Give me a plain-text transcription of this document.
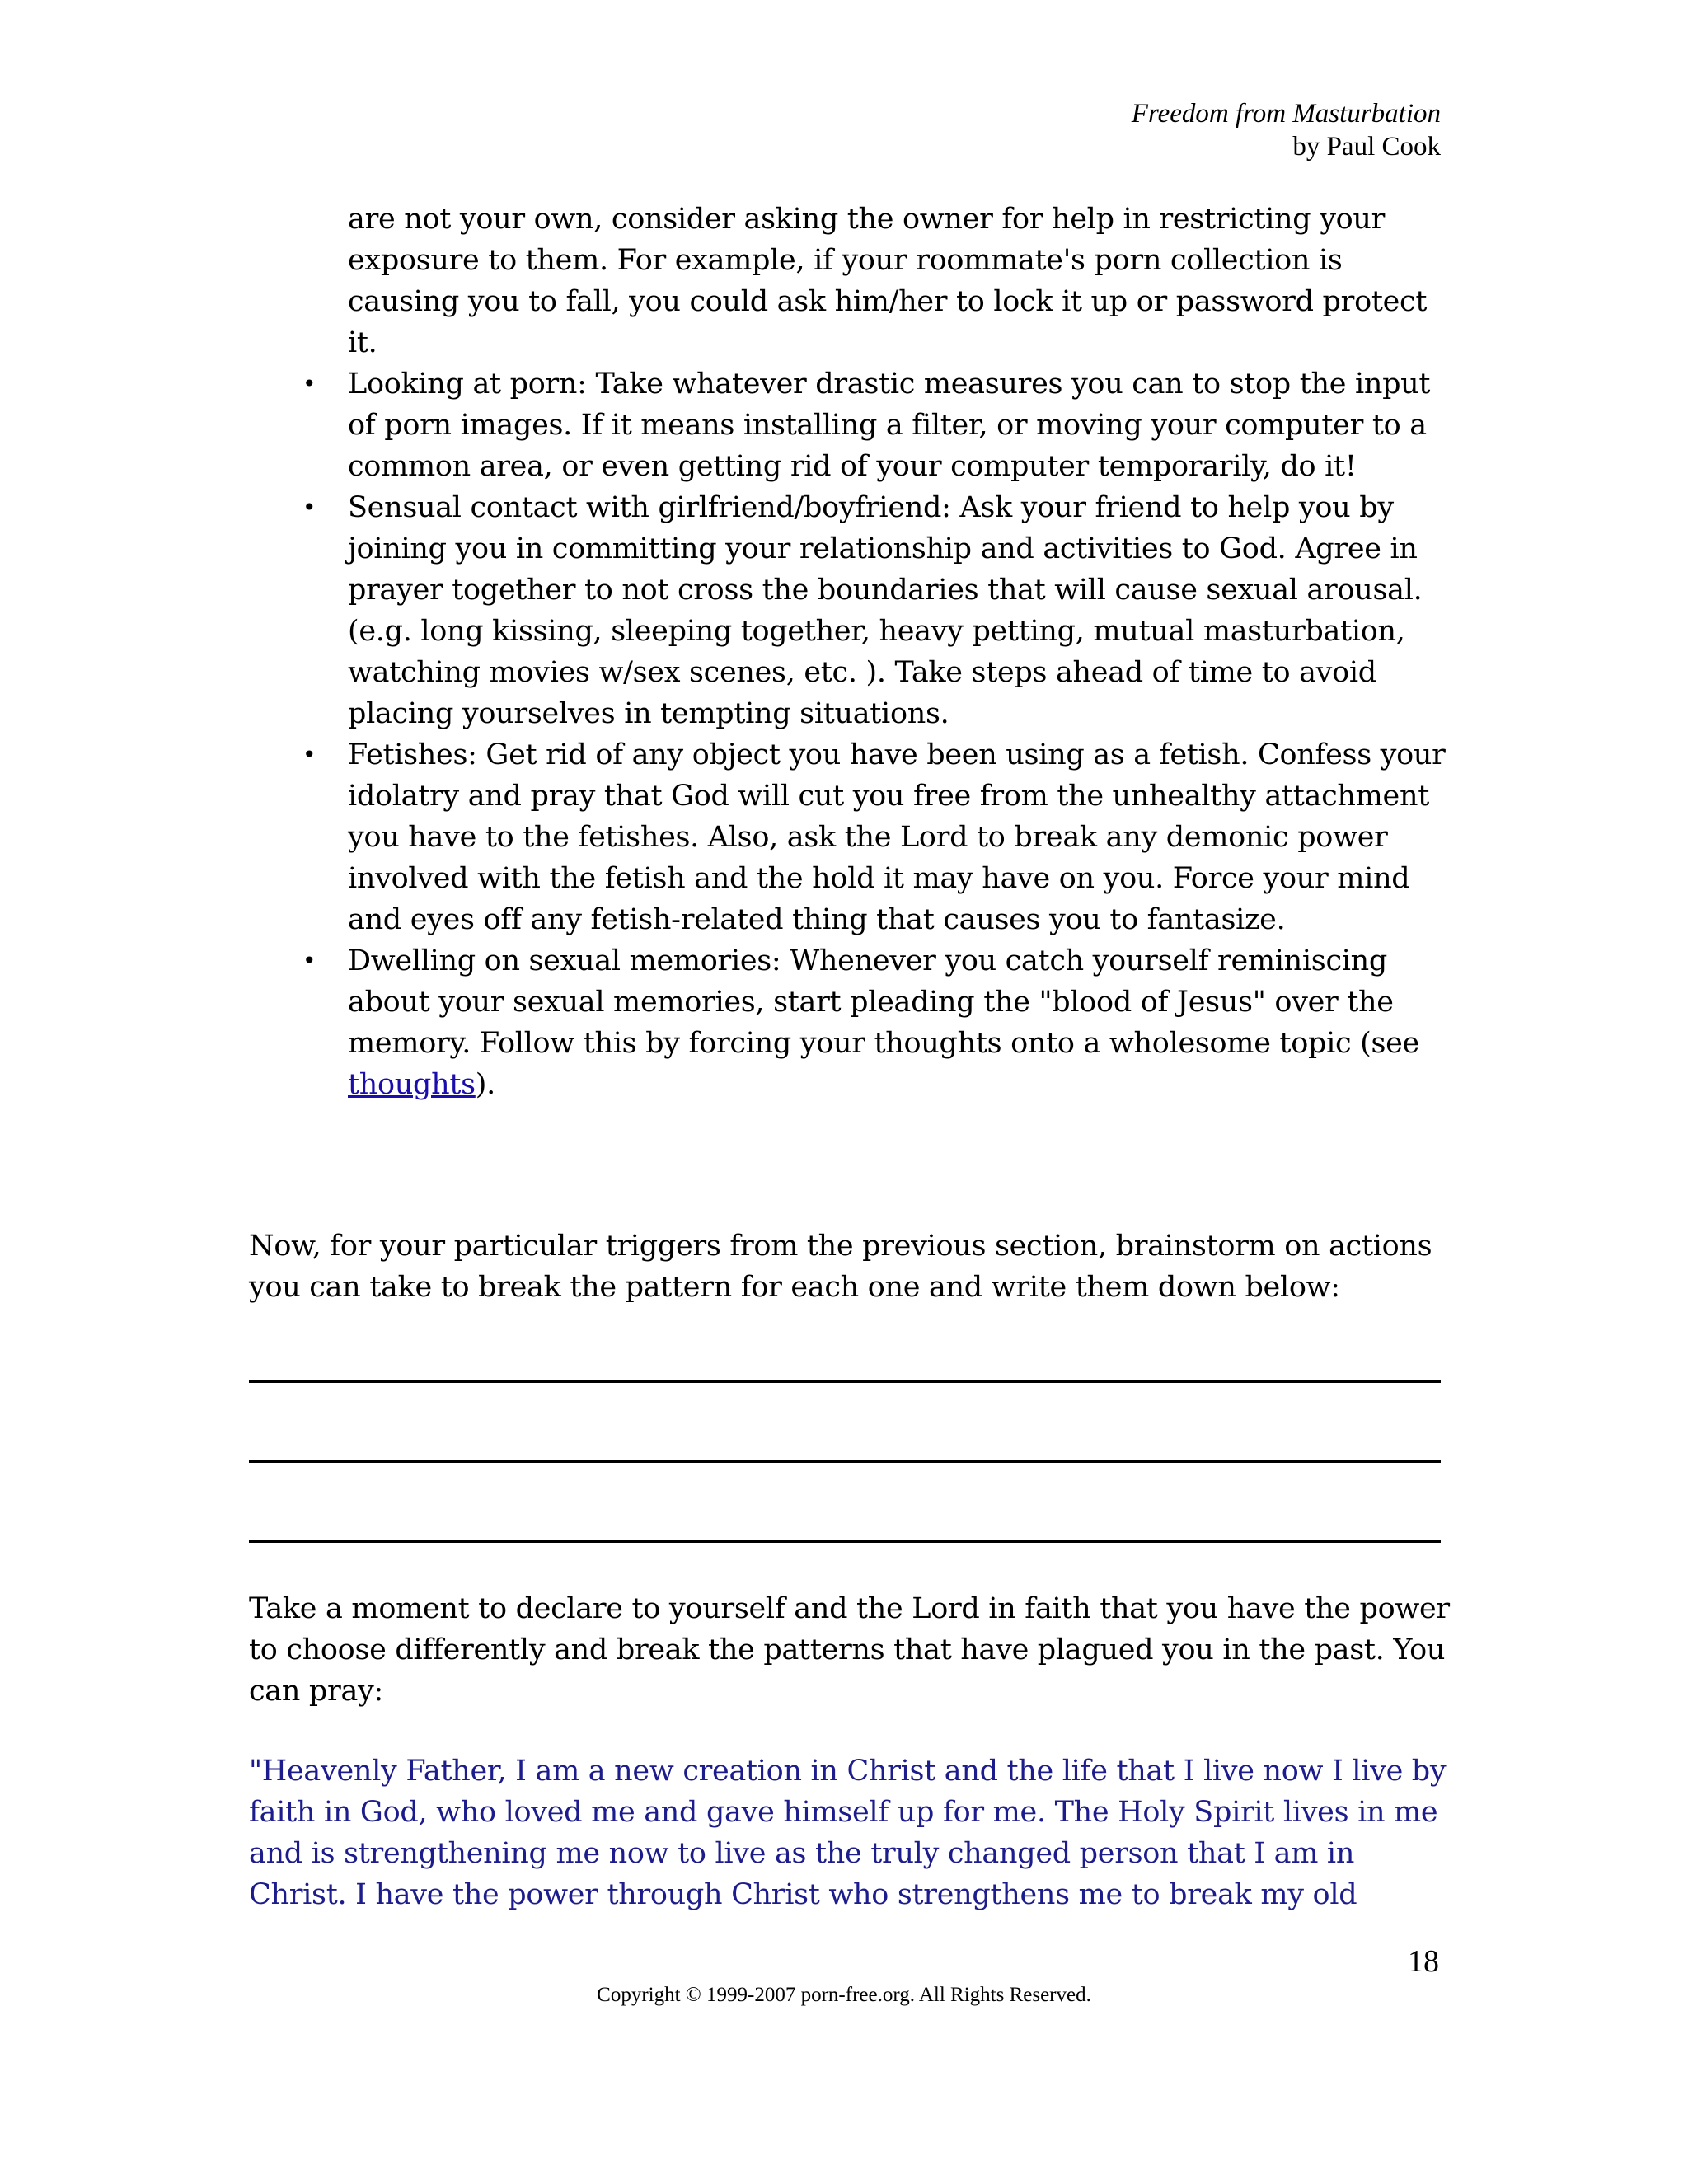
Freedom from Masturbation
by Paul Cook
are not your own, consider asking the owner for help in restricting your exposure to them. For example, if your roommate's porn collection is causing you to fall, you could ask him/her to lock it up or password protect it.
• Looking at porn: Take whatever drastic measures you can to stop the input of porn images. If it means installing a filter, or moving your computer to a common area, or even getting rid of your computer temporarily, do it!
• Sensual contact with girlfriend/boyfriend: Ask your friend to help you by joining you in committing your relationship and activities to God. Agree in prayer together to not cross the boundaries that will cause sexual arousal. (e.g. long kissing, sleeping together, heavy petting, mutual masturbation, watching movies w/sex scenes, etc. ). Take steps ahead of time to avoid placing yourselves in tempting situations.
• Fetishes: Get rid of any object you have been using as a fetish. Confess your idolatry and pray that God will cut you free from the unhealthy attachment you have to the fetishes. Also, ask the Lord to break any demonic power involved with the fetish and the hold it may have on you. Force your mind and eyes off any fetish-related thing that causes you to fantasize.
• Dwelling on sexual memories: Whenever you catch yourself reminiscing about your sexual memories, start pleading the "blood of Jesus" over the memory. Follow this by forcing your thoughts onto a wholesome topic (see thoughts).
Now, for your particular triggers from the previous section, brainstorm on actions you can take to break the pattern for each one and write them down below:
Take a moment to declare to yourself and the Lord in faith that you have the power to choose differently and break the patterns that have plagued you in the past. You can pray:
"Heavenly Father, I am a new creation in Christ and the life that I live now I live by faith in God, who loved me and gave himself up for me. The Holy Spirit lives in me and is strengthening me now to live as the truly changed person that I am in Christ. I have the power through Christ who strengthens me to break my old
18
Copyright © 1999-2007 porn-free.org. All Rights Reserved.
